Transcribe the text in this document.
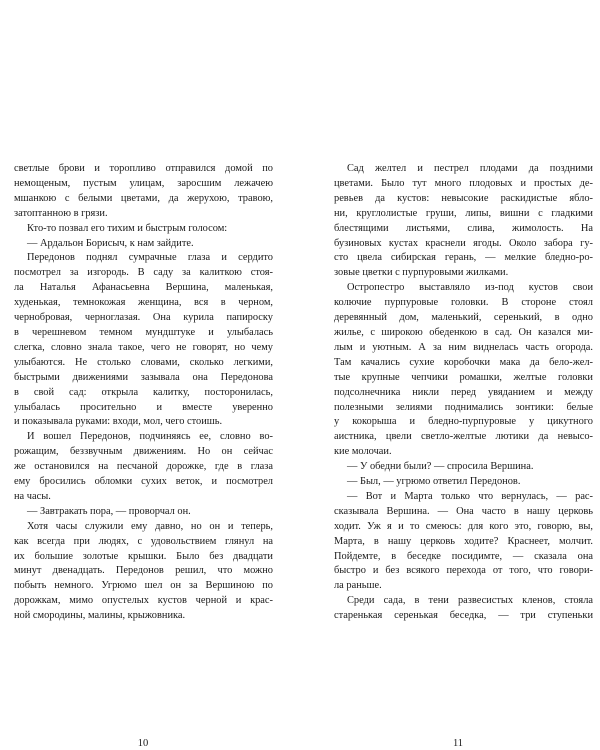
светлые брови и торопливо отправился домой по
немощеным, пустым улицам, заросшим лежачею
мшанкою с белыми цветами, да жерухою, травою,
затоптанною в грязи.
Кто-то позвал его тихим и быстрым голосом:
— Ардальон Борисыч, к нам зайдите.
Передонов поднял сумрачные глаза и сердито
посмотрел за изгородь. В саду за калиткою стоя-
ла Наталья Афанасьевна Вершина, маленькая,
худенькая, темнокожая женщина, вся в черном,
чернобровая, черноглазая. Она курила папироску
в черешневом темном мундштуке и улыбалась
слегка, словно знала такое, чего не говорят, но чему
улыбаются. Не столько словами, сколько легкими,
быстрыми движениями зазывала она Передонова
в свой сад: открыла калитку, посторонилась,
улыбалась просительно и вместе уверенно
и показывала руками: входи, мол, чего стоишь.
И вошел Передонов, подчиняясь ее, словно во-
рожащим, беззвучным движениям. Но он сейчас
же остановился на песчаной дорожке, где в глаза
ему бросились обломки сухих веток, и посмотрел
на часы.
— Завтракать пора, — проворчал он.
Хотя часы служили ему давно, но он и теперь,
как всегда при людях, с удовольствием глянул на
их большие золотые крышки. Было без двадцати
минут двенадцать. Передонов решил, что можно
побыть немного. Угрюмо шел он за Вершиною по
дорожкам, мимо опустелых кустов черной и крас-
ной смородины, малины, крыжовника.
10
Сад желтел и пестрел плодами да поздними
цветами. Было тут много плодовых и простых де-
ревьев да кустов: невысокие раскидистые ябло-
ни, круглолистые груши, липы, вишни с гладкими
блестящими листьями, слива, жимолость. На
бузиновых кустах краснели ягоды. Около забора гу-
сто цвела сибирская герань, — мелкие бледно-ро-
зовые цветки с пурпуровыми жилками.
Остропестро выставляло из-под кустов свои
колючие пурпуровые головки. В стороне стоял
деревянный дом, маленький, серенький, в одно
жилье, с широкою обеденкою в сад. Он казался ми-
лым и уютным. А за ним виднелась часть огорода.
Там качались сухие коробочки мака да бело-жел-
тые крупные чепчики ромашки, желтые головки
подсолнечника никли перед увяданием и между
полезными зелиями поднимались зонтики: белые
у кокорыша и бледно-пурпуровые у цикутного
аистника, цвели светло-желтые лютики да невысо-
кие молочаи.
— У обедни были? — спросила Вершина.
— Был, — угрюмо ответил Передонов.
— Вот и Марта только что вернулась, — рас-
сказывала Вершина. — Она часто в нашу церковь
ходит. Уж я и то смеюсь: для кого это, говорю, вы,
Марта, в нашу церковь ходите? Краснеет, молчит.
Пойдемте, в беседке посидимте, — сказала она
быстро и без всякого перехода от того, что говори-
ла раньше.
Среди сада, в тени развесистых кленов, стояла
старенькая серенькая беседка, — три ступеньки
11
